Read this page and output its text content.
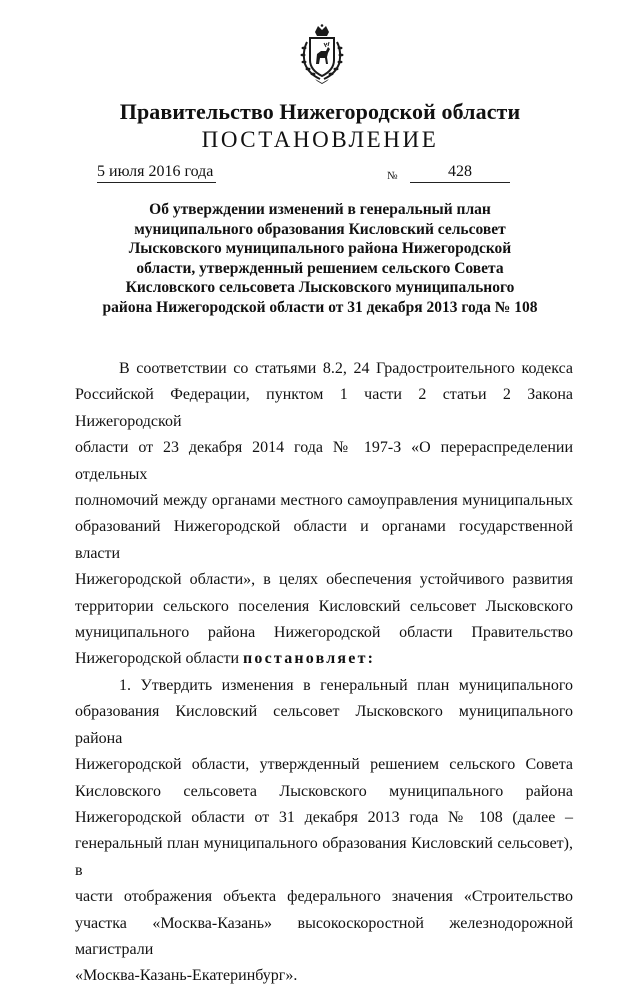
Правительство Нижегородской области
ПОСТАНОВЛЕНИЕ
5 июля 2016 года	№	428
Об утверждении изменений в генеральный план
муниципального образования Кисловский сельсовет
Лысковского муниципального района Нижегородской
области, утвержденный решением сельского Совета
Кисловского сельсовета Лысковского муниципального
района Нижегородской области от 31 декабря 2013 года № 108

В соответствии со статьями 8.2, 24 Градостроительного кодекса

Российской Федерации, пунктом 1 части 2 статьи 2 Закона Нижегородской

области от 23 декабря 2014 года № 197-З «О перераспределении отдельных

полномочий между органами местного самоуправления муниципальных

образований Нижегородской области и органами государственной власти

Нижегородской области», в целях обеспечения устойчивого развития

территории сельского поселения Кисловский сельсовет Лысковского

муниципального района Нижегородской области Правительство

Нижегородской области постановляет:

1. Утвердить изменения в генеральный план муниципального

образования Кисловский сельсовет Лысковского муниципального района

Нижегородской области, утвержденный решением сельского Совета

Кисловского сельсовета Лысковского муниципального района

Нижегородской области от 31 декабря 2013 года № 108 (далее –

генеральный план муниципального образования Кисловский сельсовет), в

части отображения объекта федерального значения «Строительство

участка «Москва-Казань» высокоскоростной железнодорожной магистрали

«Москва-Казань-Екатеринбург».
